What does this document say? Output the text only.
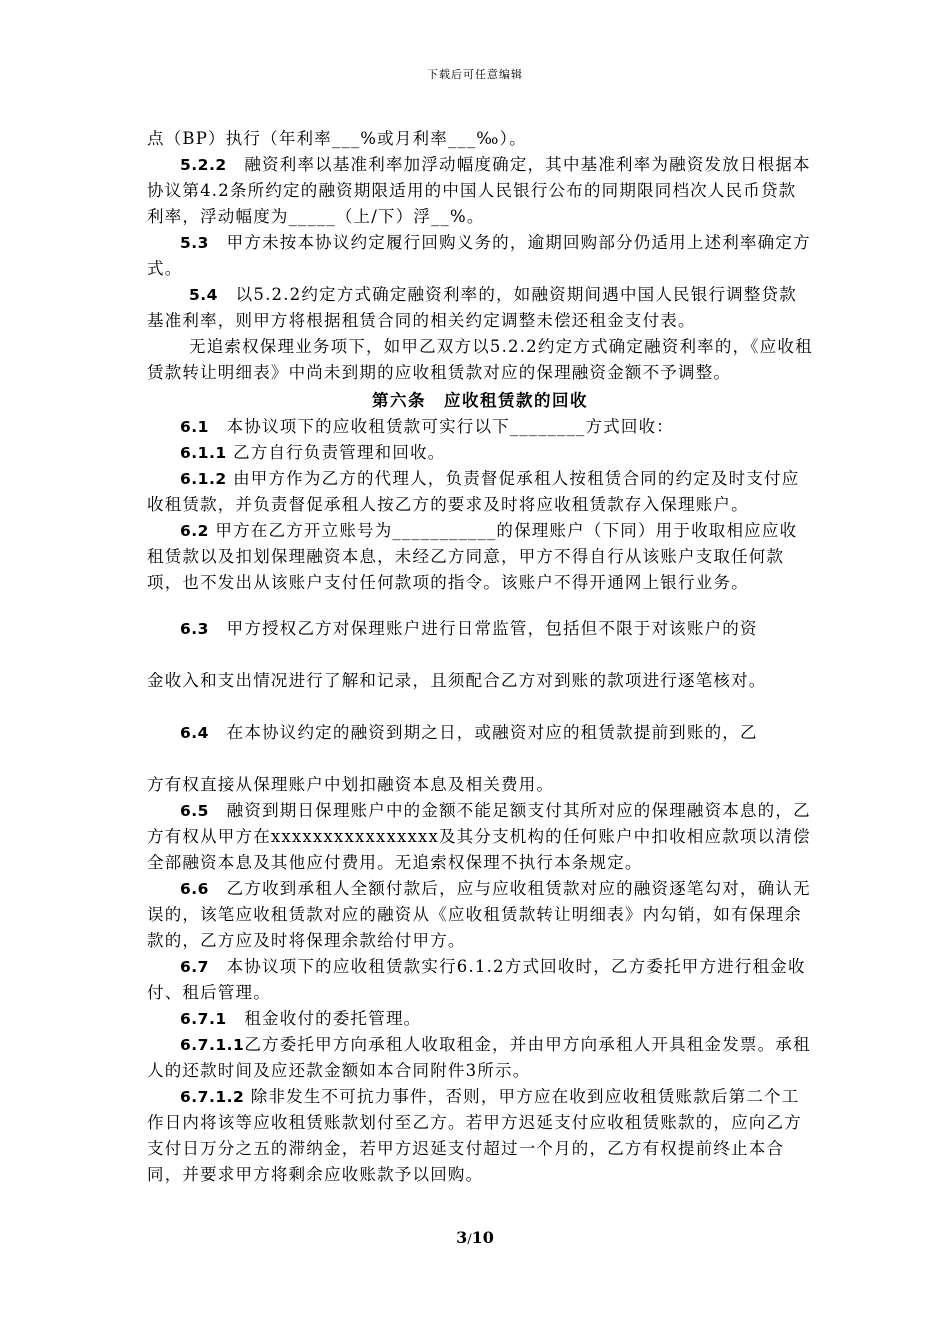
下载后可任意编辑

点（BP）执行（年利率___%或月利率___‰）。

5.2.2　融资利率以基准利率加浮动幅度确定，其中基准利率为融资发放日根据本协议第4.2条所约定的融资期限适用的中国人民银行公布的同期限同档次人民币贷款利率，浮动幅度为_____（上/下）浮__%。

5.3　甲方未按本协议约定履行回购义务的，逾期回购部分仍适用上述利率确定方式。

5.4　以5.2.2约定方式确定融资利率的，如融资期间遇中国人民银行调整贷款基准利率，则甲方将根据租赁合同的相关约定调整未偿还租金支付表。

无追索权保理业务项下，如甲乙双方以5.2.2约定方式确定融资利率的，《应收租赁款转让明细表》中尚未到期的应收租赁款对应的保理融资金额不予调整。

第六条　应收租赁款的回收

6.1　本协议项下的应收租赁款可实行以下________方式回收：

6.1.1 乙方自行负责管理和回收。

6.1.2 由甲方作为乙方的代理人，负责督促承租人按租赁合同的约定及时支付应收租赁款，并负责督促承租人按乙方的要求及时将应收租赁款存入保理账户。

6.2 甲方在乙方开立账号为___________的保理账户（下同）用于收取相应应收租赁款以及扣划保理融资本息，未经乙方同意，甲方不得自行从该账户支取任何款项，也不发出从该账户支付任何款项的指令。该账户不得开通网上银行业务。

6.3　甲方授权乙方对保理账户进行日常监管，包括但不限于对该账户的资

金收入和支出情况进行了解和记录，且须配合乙方对到账的款项进行逐笔核对。

6.4　在本协议约定的融资到期之日，或融资对应的租赁款提前到账的，乙

方有权直接从保理账户中划扣融资本息及相关费用。

6.5　融资到期日保理账户中的金额不能足额支付其所对应的保理融资本息的，乙方有权从甲方在xxxxxxxxxxxxxxxx及其分支机构的任何账户中扣收相应款项以清偿全部融资本息及其他应付费用。无追索权保理不执行本条规定。

6.6　乙方收到承租人全额付款后，应与应收租赁款对应的融资逐笔勾对，确认无误的，该笔应收租赁款对应的融资从《应收租赁款转让明细表》内勾销，如有保理余款的，乙方应及时将保理余款给付甲方。

6.7　本协议项下的应收租赁款实行6.1.2方式回收时，乙方委托甲方进行租金收付、租后管理。

6.7.1　租金收付的委托管理。

6.7.1.1乙方委托甲方向承租人收取租金，并由甲方向承租人开具租金发票。承租人的还款时间及应还款金额如本合同附件3所示。

6.7.1.2 除非发生不可抗力事件，否则，甲方应在收到应收租赁账款后第二个工作日内将该等应收租赁账款划付至乙方。若甲方迟延支付应收租赁账款的，应向乙方支付日万分之五的滞纳金，若甲方迟延支付超过一个月的，乙方有权提前终止本合同，并要求甲方将剩余应收账款予以回购。

3/10
